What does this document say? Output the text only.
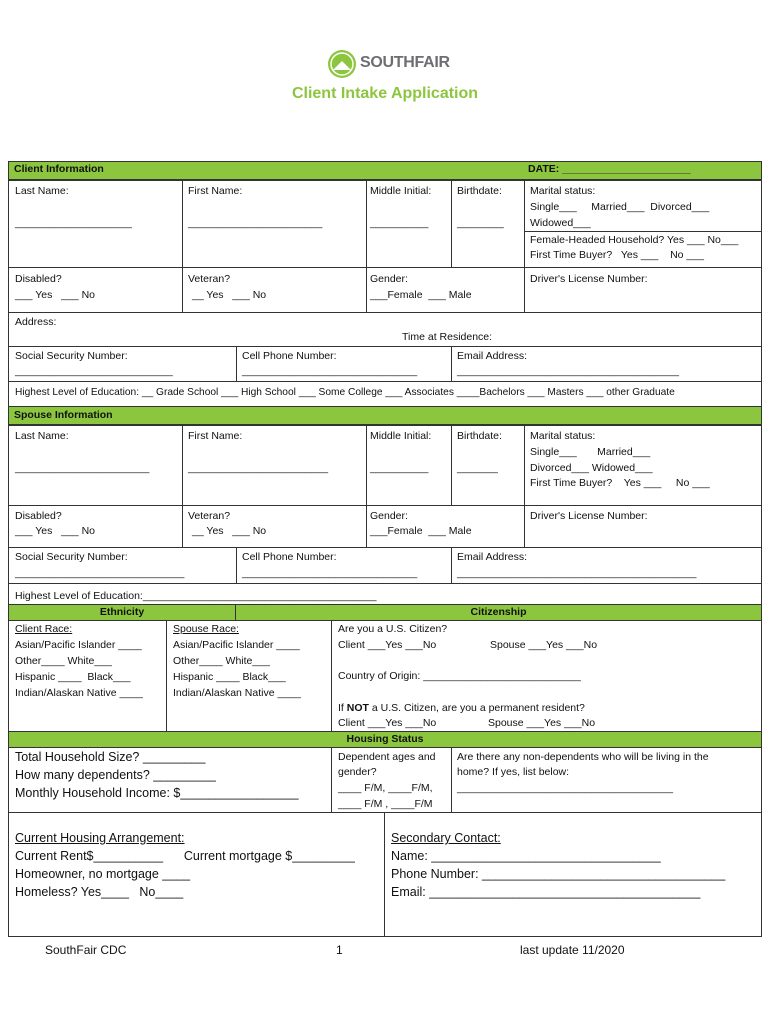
SOUTHFAIR
Client Intake Application
Client Information	DATE: ______________________
Last Name:
____________________
First Name:
_______________________
Middle Initial:
__________
Birthdate:
________
Marital status:
Single___     Married___  Divorced___
Widowed___
Female-Headed Household? Yes ___ No___
First Time Buyer?   Yes ___    No ___
Disabled?
___ Yes   ___ No
Veteran?
__ Yes   ___ No
Gender:
___Female  ___ Male
Driver's License Number:
Address:
Time at Residence:
Social Security Number:
___________________________
Cell Phone Number:
______________________________
Email Address:
______________________________________
Highest Level of Education: __ Grade School ___ High School ___ Some College ___ Associates ____Bachelors ___ Masters ___ other Graduate
Spouse Information
Last Name:
_______________________
First Name:
________________________
Middle Initial:
__________
Birthdate:
_______
Marital status:
Single___       Married___
Divorced___ Widowed___
First Time Buyer?    Yes ___     No ___
Disabled?
___ Yes   ___ No
Veteran?
__ Yes   ___ No
Gender:
___Female  ___ Male
Driver's License Number:
Social Security Number:
_____________________________
Cell Phone Number:
______________________________
Email Address:
_________________________________________
Highest Level of Education:________________________________________
Ethnicity	Citizenship
Client Race:
Asian/Pacific Islander ____
Other____ White___
Hispanic ____  Black___
Indian/Alaskan Native ____
Spouse Race:
Asian/Pacific Islander ____
Other____ White___
Hispanic ____ Black___
Indian/Alaskan Native ____
Are you a U.S. Citizen?
Client ___Yes ___No	Spouse ___Yes ___No
Country of Origin: ___________________________
If NOT a U.S. Citizen, are you a permanent resident?
Client ___Yes ___No	Spouse ___Yes ___No
Housing Status
Total Household Size? _________
How many dependents? _________
Monthly Household Income: $_________________
Dependent ages and
gender?
____ F/M, ____F/M,
____ F/M , ____F/M
Are there any non-dependents who will be living in the
home? If yes, list below:
_____________________________________
Current Housing Arrangement:
Current Rent$__________      Current mortgage $_________
Homeowner, no mortgage ____
Homeless? Yes____   No____
Secondary Contact:
Name: _________________________________
Phone Number: ___________________________________
Email: _______________________________________
SouthFair CDC	1	last update 11/2020
